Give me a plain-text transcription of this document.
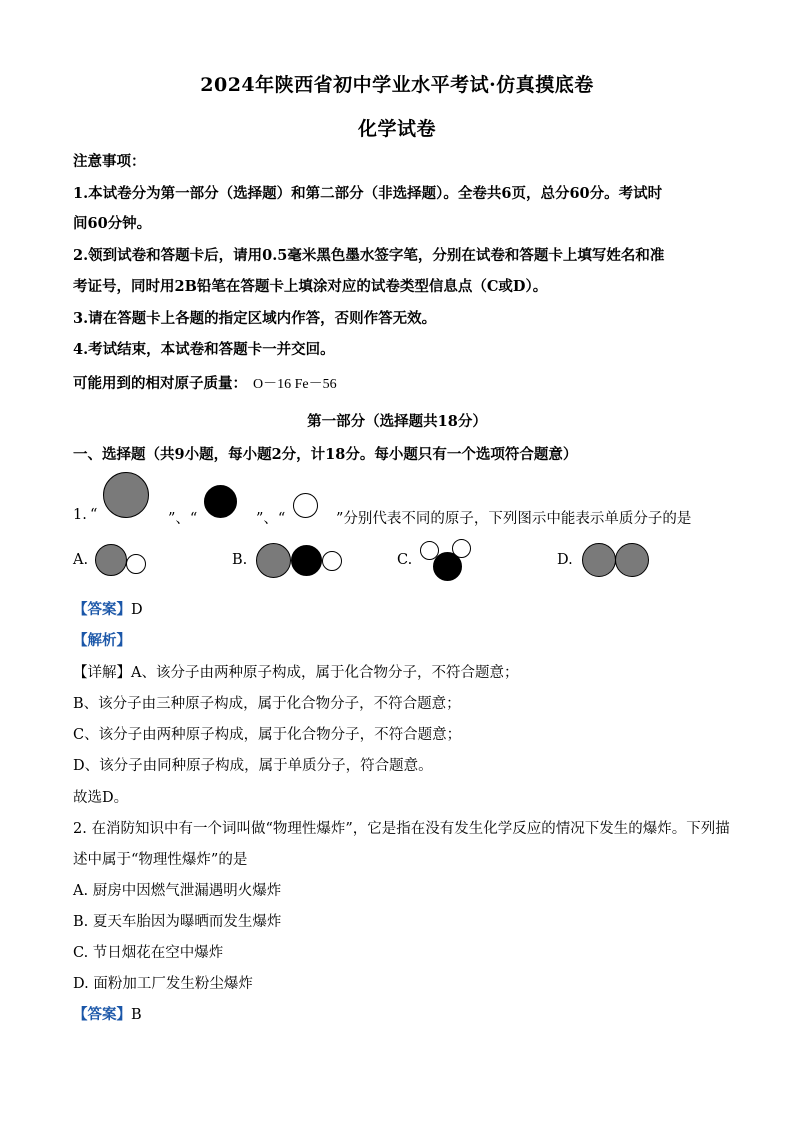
2024年陕西省初中学业水平考试·仿真摸底卷
化学试卷
注意事项：
1.本试卷分为第一部分（选择题）和第二部分（非选择题）。全卷共6页，总分60分。考试时
间60分钟。
2.领到试卷和答题卡后，请用0.5毫米黑色墨水签字笔，分别在试卷和答题卡上填写姓名和准
考证号，同时用2B铅笔在答题卡上填涂对应的试卷类型信息点（C或D）。
3.请在答题卡上各题的指定区域内作答，否则作答无效。
4.考试结束，本试卷和答题卡一并交回。
可能用到的相对原子质量： O－16 Fe－56
第一部分（选择题共18分）
一、选择题（共9小题，每小题2分，计18分。每小题只有一个选项符合题意）
1. “	”、“	”、“	”分别代表不同的原子，下列图示中能表示单质分子的是
A.	B.	C.	D.
【答案】D
【解析】
【详解】A、该分子由两种原子构成，属于化合物分子，不符合题意；
B、该分子由三种原子构成，属于化合物分子，不符合题意；
C、该分子由两种原子构成，属于化合物分子，不符合题意；
D、该分子由同种原子构成，属于单质分子，符合题意。
故选D。
2. 在消防知识中有一个词叫做“物理性爆炸”，它是指在没有发生化学反应的情况下发生的爆炸。下列描
述中属于“物理性爆炸”的是
A. 厨房中因燃气泄漏遇明火爆炸
B. 夏天车胎因为曝晒而发生爆炸
C. 节日烟花在空中爆炸
D. 面粉加工厂发生粉尘爆炸
【答案】B
